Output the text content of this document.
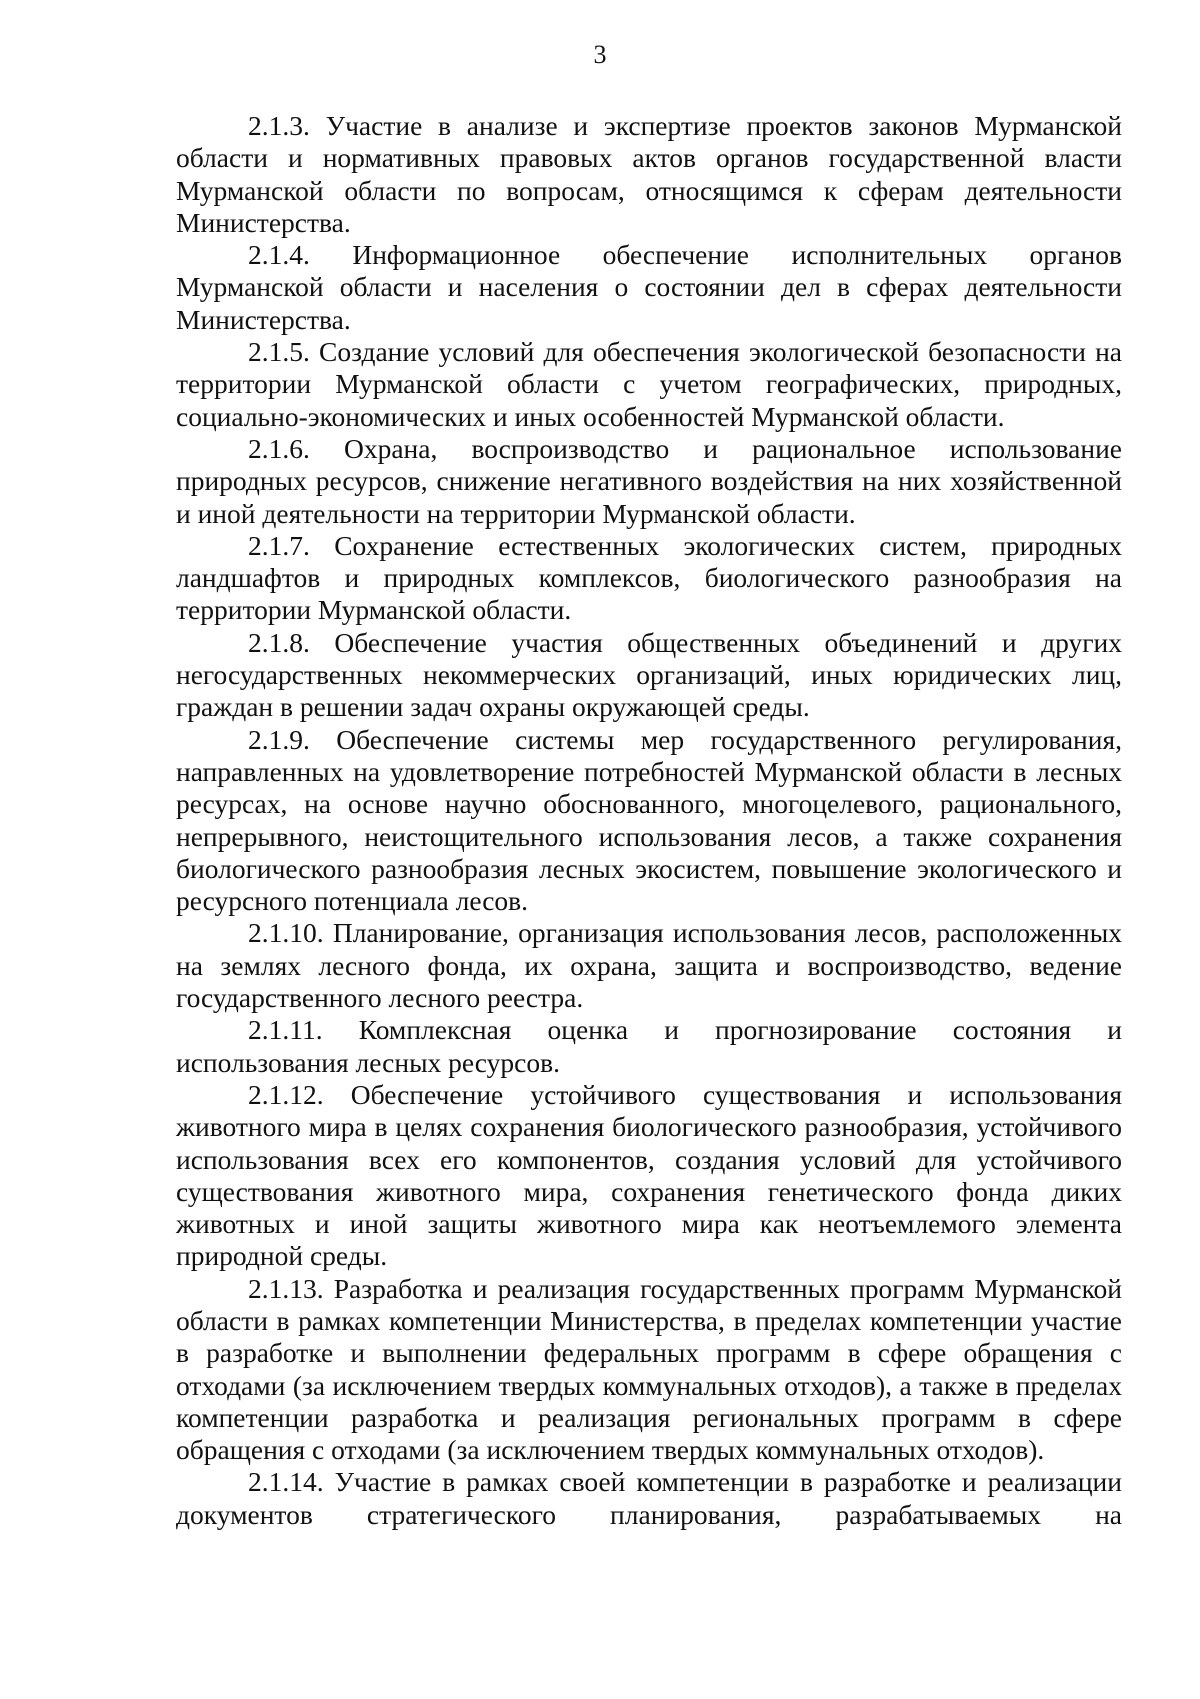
3

2.1.3. Участие в анализе и экспертизе проектов законов Мурманской области и нормативных правовых актов органов государственной власти Мурманской области по вопросам, относящимся к сферам деятельности Министерства.

2.1.4. Информационное обеспечение исполнительных органов Мурманской области и населения о состоянии дел в сферах деятельности Министерства.

2.1.5. Создание условий для обеспечения экологической безопасности на территории Мурманской области с учетом географических, природных, социально-экономических и иных особенностей Мурманской области.

2.1.6. Охрана, воспроизводство и рациональное использование природных ресурсов, снижение негативного воздействия на них хозяйственной и иной деятельности на территории Мурманской области.

2.1.7. Сохранение естественных экологических систем, природных ландшафтов и природных комплексов, биологического разнообразия на территории Мурманской области.

2.1.8. Обеспечение участия общественных объединений и других негосударственных некоммерческих организаций, иных юридических лиц, граждан в решении задач охраны окружающей среды.

2.1.9. Обеспечение системы мер государственного регулирования, направленных на удовлетворение потребностей Мурманской области в лесных ресурсах, на основе научно обоснованного, многоцелевого, рационального, непрерывного, неистощительного использования лесов, а также сохранения биологического разнообразия лесных экосистем, повышение экологического и ресурсного потенциала лесов.

2.1.10. Планирование, организация использования лесов, расположенных на землях лесного фонда, их охрана, защита и воспроизводство, ведение государственного лесного реестра.

2.1.11. Комплексная оценка и прогнозирование состояния и использования лесных ресурсов.

2.1.12. Обеспечение устойчивого существования и использования животного мира в целях сохранения биологического разнообразия, устойчивого использования всех его компонентов, создания условий для устойчивого существования животного мира, сохранения генетического фонда диких животных и иной защиты животного мира как неотъемлемого элемента природной среды.

2.1.13. Разработка и реализация государственных программ Мурманской области в рамках компетенции Министерства, в пределах компетенции участие в разработке и выполнении федеральных программ в сфере обращения с отходами (за исключением твердых коммунальных отходов), а также в пределах компетенции разработка и реализация региональных программ в сфере обращения с отходами (за исключением твердых коммунальных отходов).

2.1.14. Участие в рамках своей компетенции в разработке и реализации документов стратегического планирования, разрабатываемых на
